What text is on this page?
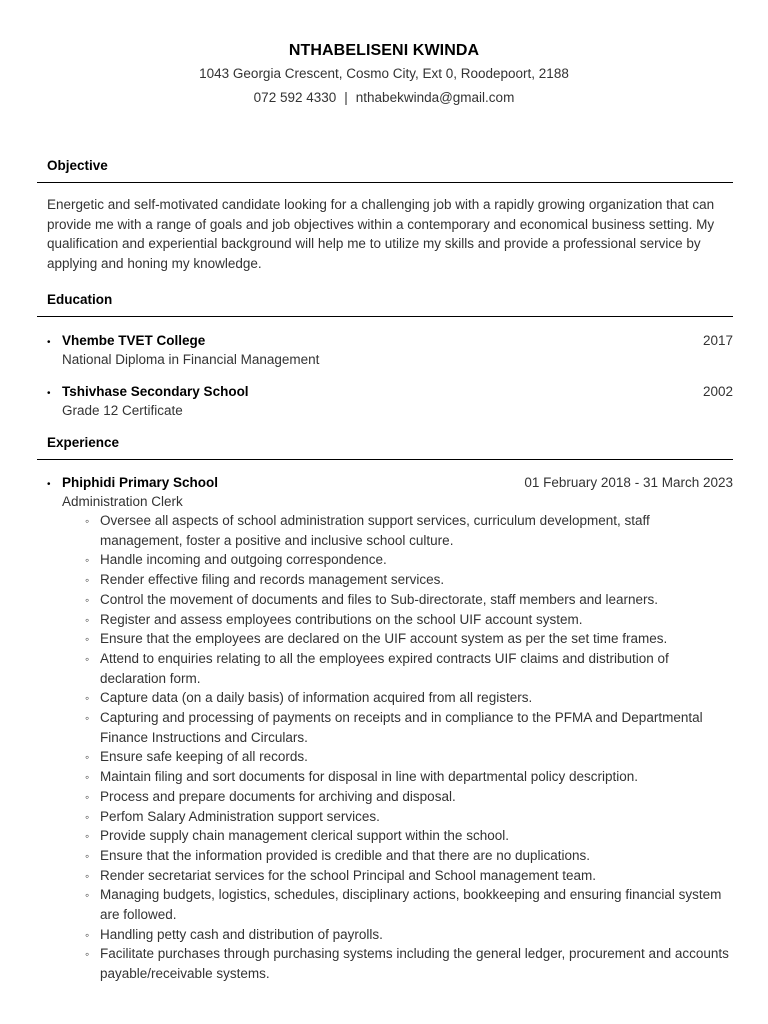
NTHABELISENI KWINDA
1043 Georgia Crescent, Cosmo City, Ext 0, Roodepoort, 2188
072 592 4330 | nthabekwinda@gmail.com
Objective

Energetic and self-motivated candidate looking for a challenging job with a rapidly growing organization that can provide me with a range of goals and job objectives within a contemporary and economical business setting. My qualification and experiential background will help me to utilize my skills and provide a professional service by applying and honing my knowledge.

Education
• Vhembe TVET College	2017
National Diploma in Financial Management
• Tshivhase Secondary School	2002
Grade 12 Certificate
Experience
• Phiphidi Primary School	01 February 2018 - 31 March 2023
Administration Clerk
◦ Oversee all aspects of school administration support services, curriculum development, staff management, foster a positive and inclusive school culture.
◦ Handle incoming and outgoing correspondence.
◦ Render effective filing and records management services.
◦ Control the movement of documents and files to Sub-directorate, staff members and learners.
◦ Register and assess employees contributions on the school UIF account system.
◦ Ensure that the employees are declared on the UIF account system as per the set time frames.
◦ Attend to enquiries relating to all the employees expired contracts UIF claims and distribution of declaration form.
◦ Capture data (on a daily basis) of information acquired from all registers.
◦ Capturing and processing of payments on receipts and in compliance to the PFMA and Departmental Finance Instructions and Circulars.
◦ Ensure safe keeping of all records.
◦ Maintain filing and sort documents for disposal in line with departmental policy description.
◦ Process and prepare documents for archiving and disposal.
◦ Perfom Salary Administration support services.
◦ Provide supply chain management clerical support within the school.
◦ Ensure that the information provided is credible and that there are no duplications.
◦ Render secretariat services for the school Principal and School management team.
◦ Managing budgets, logistics, schedules, disciplinary actions, bookkeeping and ensuring financial system are followed.
◦ Handling petty cash and distribution of payrolls.
◦ Facilitate purchases through purchasing systems including the general ledger, procurement and accounts payable/receivable systems.
